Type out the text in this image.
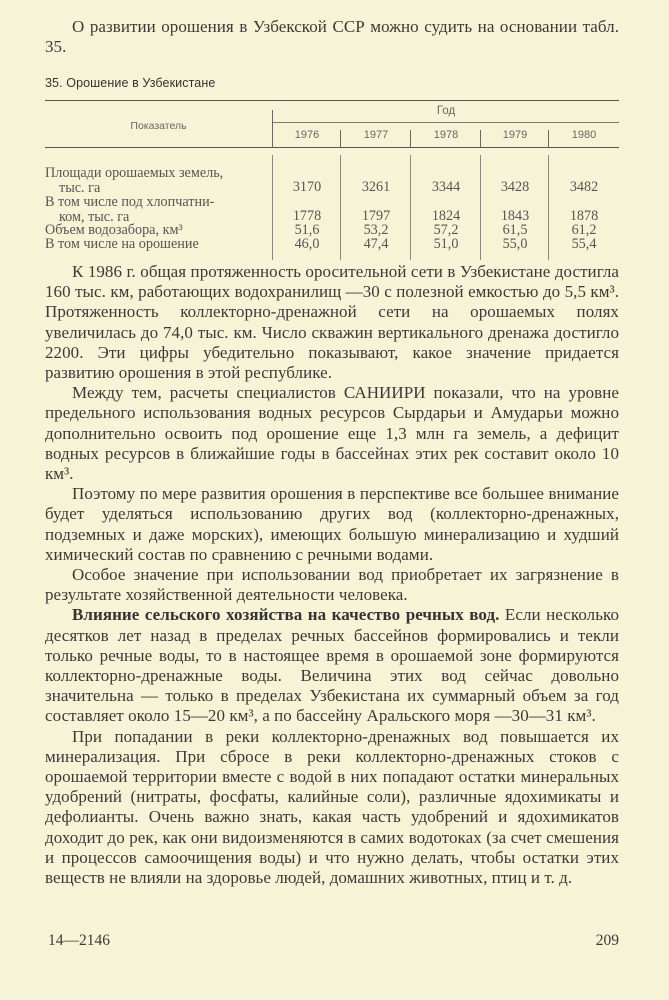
О развитии орошения в Узбекской ССР можно судить на основании табл. 35.

35. Орошение в Узбекистане
Показатель
Год
1976	1977	1978	1979	1980
Площади орошаемых земель,
тыс. га	3170	3261	3344	3428	3482
В том числе под хлопчатни-
ком, тыс. га	1778	1797	1824	1843	1878
Объем водозабора, км³	51,6	53,2	57,2	61,5	61,2
В том числе на орошение	46,0	47,4	51,0	55,0	55,4

К 1986 г. общая протяженность оросительной сети в Узбекистане достигла 160 тыс. км, работающих водохранилищ —30 с полезной емкостью до 5,5 км³. Протяженность коллекторно-дренажной сети на орошаемых полях увеличилась до 74,0 тыс. км. Число скважин вертикального дренажа достигло 2200. Эти цифры убедительно показывают, какое значение придается развитию орошения в этой республике.

Между тем, расчеты специалистов САНИИРИ показали, что на уровне предельного использования водных ресурсов Сырдарьи и Амударьи можно дополнительно освоить под орошение еще 1,3 млн га земель, а дефицит водных ресурсов в ближайшие годы в бассейнах этих рек составит около 10 км³.

Поэтому по мере развития орошения в перспективе все большее внимание будет уделяться использованию других вод (коллекторно-дренажных, подземных и даже морских), имеющих большую минерализацию и худший химический состав по сравнению с речными водами.

Особое значение при использовании вод приобретает их загрязнение в результате хозяйственной деятельности человека.

Влияние сельского хозяйства на качество речных вод. Если несколько десятков лет назад в пределах речных бассейнов формировались и текли только речные воды, то в настоящее время в орошаемой зоне формируются коллекторно-дренажные воды. Величина этих вод сейчас довольно значительна — только в пределах Узбекистана их суммарный объем за год составляет около 15—20 км³, а по бассейну Аральского моря —30—31 км³.

При попадании в реки коллекторно-дренажных вод повышается их минерализация. При сбросе в реки коллекторно-дренажных стоков с орошаемой территории вместе с водой в них попадают остатки минеральных удобрений (нитраты, фосфаты, калийные соли), различные ядохимикаты и дефолианты. Очень важно знать, какая часть удобрений и ядохимикатов доходит до рек, как они видоизменяются в самих водотоках (за счет смешения и процессов самоочищения воды) и что нужно делать, чтобы остатки этих веществ не влияли на здоровье людей, домашних животных, птиц и т. д.

14—2146	209
